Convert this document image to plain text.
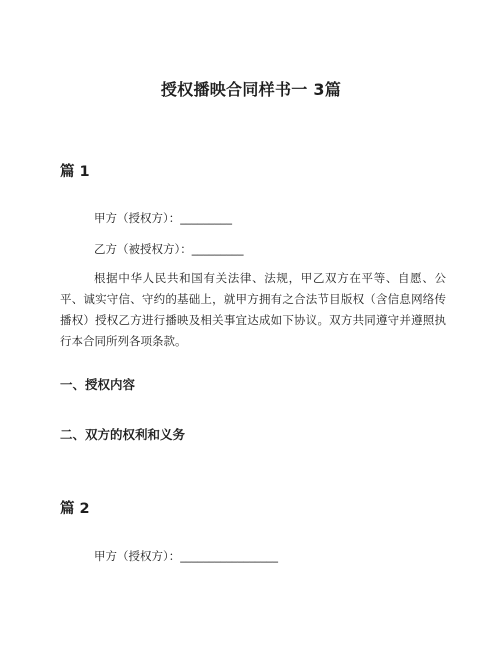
授权播映合同样书一 3篇
篇 1
甲方（授权方）：_________
乙方（被授权方）：_________
根据中华人民共和国有关法律、法规，甲乙双方在平等、自愿、公平、诚实守信、守约的基础上，就甲方拥有之合法节目版权（含信息网络传播权）授权乙方进行播映及相关事宜达成如下协议。双方共同遵守并遵照执行本合同所列各项条款。
一、授权内容
二、双方的权利和义务
篇 2
甲方（授权方）：_________________
